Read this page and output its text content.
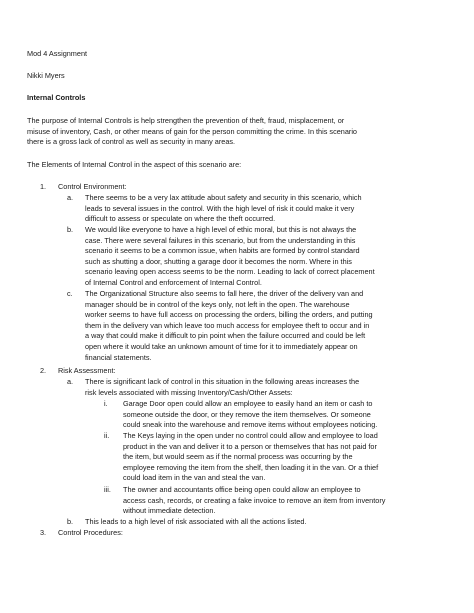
Mod 4 Assignment
Nikki Myers
Internal Controls
The purpose of Internal Controls is help strengthen the prevention of theft, fraud, misplacement, or
misuse of inventory, Cash, or other means of gain for the person committing the crime. In this scenario
there is a gross lack of control as well as security in many areas.
The Elements of Internal Control in the aspect of this scenario are:
1. Control Environment:
a. There seems to be a very lax attitude about safety and security in this scenario, which
leads to several issues in the control. With the high level of risk it could make it very
difficult to assess or speculate on where the theft occurred.
b. We would like everyone to have a high level of ethic moral, but this is not always the
case. There were several failures in this scenario, but from the understanding in this
scenario it seems to be a common issue, when habits are formed by control standard
such as shutting a door, shutting a garage door it becomes the norm. Where in this
scenario leaving open access seems to be the norm. Leading to lack of correct placement
of Internal Control and enforcement of Internal Control.
c. The Organizational Structure also seems to fall here, the driver of the delivery van and
manager should be in control of the keys only, not left in the open. The warehouse
worker seems to have full access on processing the orders, billing the orders, and putting
them in the delivery van which leave too much access for employee theft to occur and in
a way that could make it difficult to pin point when the failure occurred and could be left
open where it would take an unknown amount of time for it to immediately appear on
financial statements.
2. Risk Assessment:
a. There is significant lack of control in this situation in the following areas increases the
risk levels associated with missing Inventory/Cash/Other Assets:
i. Garage Door open could allow an employee to easily hand an item or cash to
someone outside the door, or they remove the item themselves. Or someone
could sneak into the warehouse and remove items without employees noticing.
ii. The Keys laying in the open under no control could allow and employee to load
product in the van and deliver it to a person or themselves that has not paid for
the item, but would seem as if the normal process was occurring by the
employee removing the item from the shelf, then loading it in the van. Or a thief
could load item in the van and steal the van.
iii. The owner and accountants office being open could allow an employee to
access cash, records, or creating a fake invoice to remove an item from inventory
without immediate detection.
b. This leads to a high level of risk associated with all the actions listed.
3. Control Procedures:
